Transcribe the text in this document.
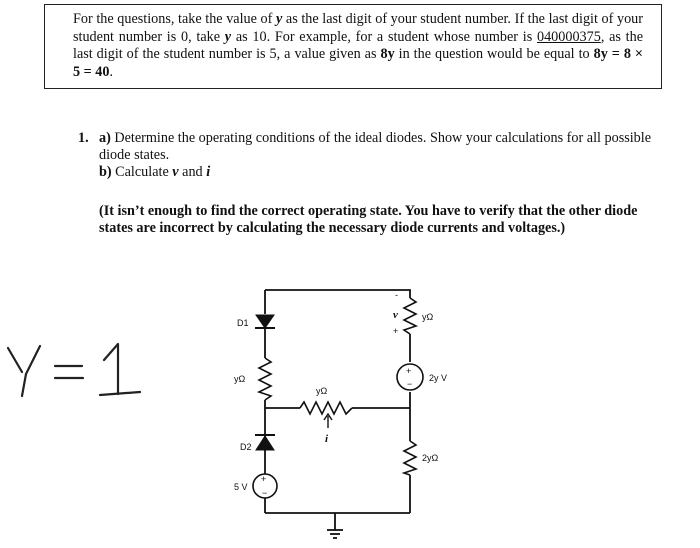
For the questions, take the value of y as the last digit of your student number. If the last digit of your student number is 0, take y as 10. For example, for a student whose number is 040000375, as the last digit of the student number is 5, a value given as 8y in the question would be equal to 8y = 8 × 5 = 40.
1. a) Determine the operating conditions of the ideal diodes. Show your calculations for all possible diode states.

b) Calculate v and i

(It isn’t enough to find the correct operating state. You have to verify that the other diode states are incorrect by calculating the necessary diode currents and voltages.)
D1
yΩ
yΩ
i
D2
+
−
5 V
yΩ
-
v
+
+
−
2y V
2yΩ
